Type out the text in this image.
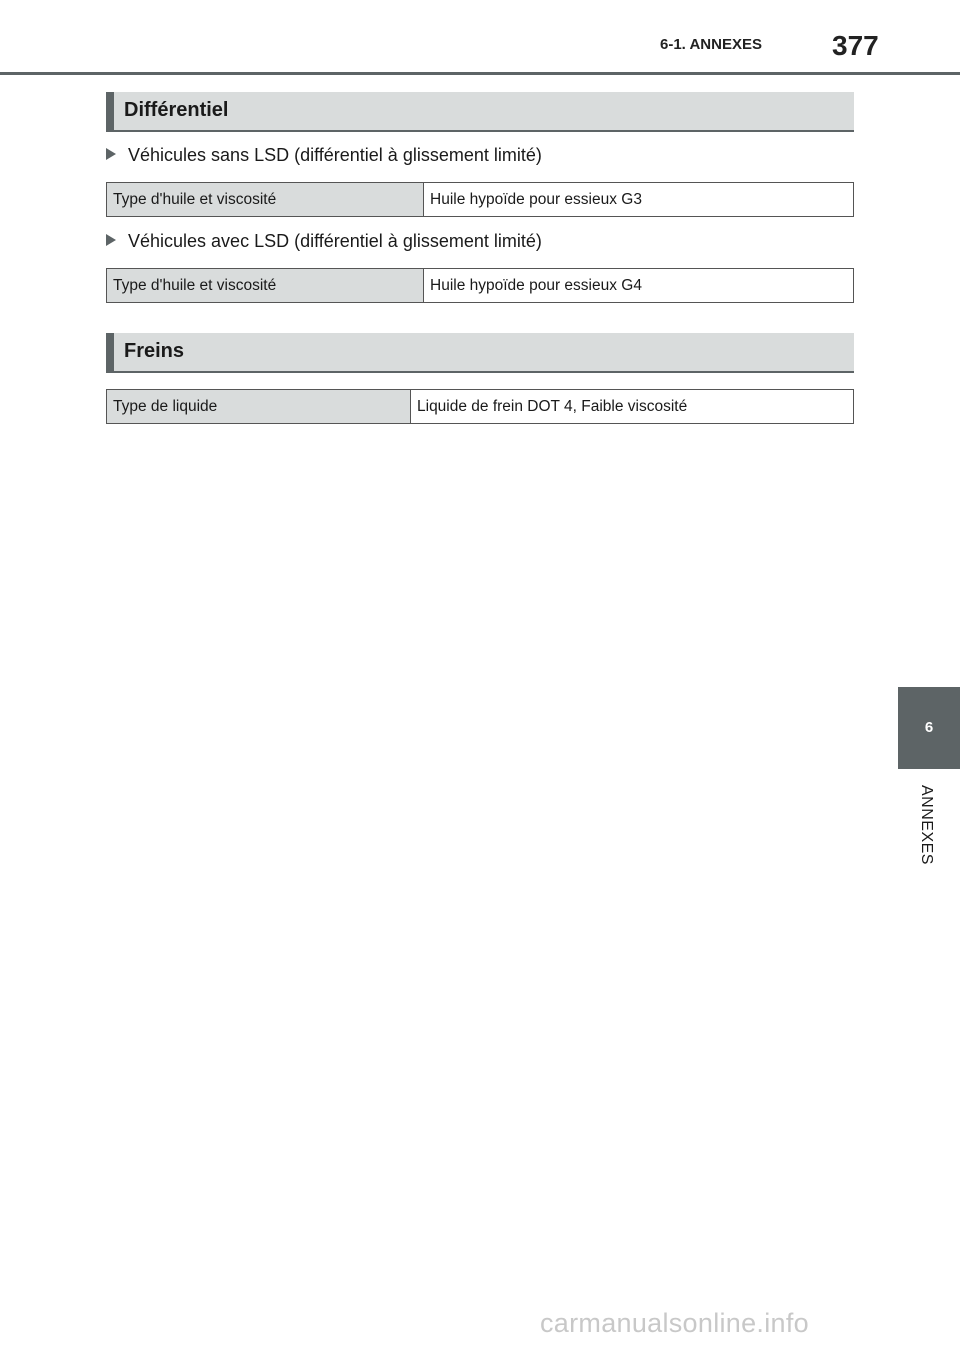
6-1. ANNEXES	377
Différentiel
Véhicules sans LSD (différentiel à glissement limité)
Type d'huile et viscosité	Huile hypoïde pour essieux G3
Véhicules avec LSD (différentiel à glissement limité)
Type d'huile et viscosité	Huile hypoïde pour essieux G4
Freins
Type de liquide	Liquide de frein DOT 4, Faible viscosité
6
ANNEXES
carmanualsonline.info
